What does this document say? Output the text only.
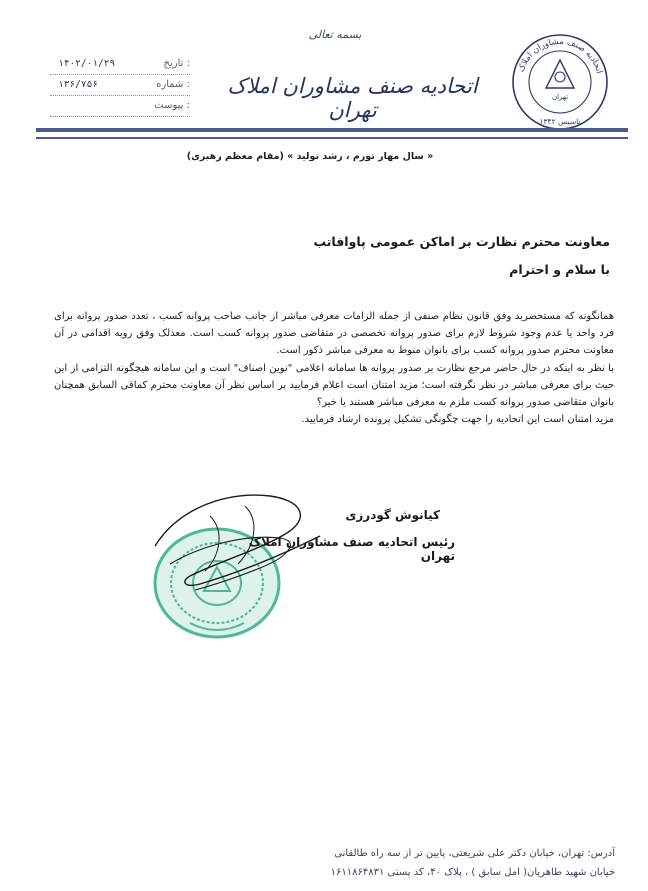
اتحادیه صنف مشاوران املاک
تهران
تاسیس ۱۳۴۲
بسمه تعالی
اتحادیه صنف مشاوران املاک تهران
تاریخ :
۱۴۰۲/۰۱/۲۹
شماره :
۱۳۶/۷۵۶
پیوست :
« سال مهار تورم ، رشد تولید » (مقام معظم رهبری)
معاونت محترم نظارت بر اماکن عمومی پاوافاتب
با سلام و احترام

همانگونه که مستحضرید وفق قانون نظام صنفی از جمله الزامات معرفی مباشر از جانب صاحب پروانه کسب ، تعدد صدور پروانه برای فرد واحد یا عدم وجود شروط لازم برای صدور پروانه تخصصی در متقاضی صدور پروانه کسب است. معذلک وفق رویه اقدامی در آن معاونت محترم صدور پروانه کسب برای بانوان منوط به معرفی مباشر ذکور است.

با نظر به اینکه در حال حاضر مرجع نظارت بر صدور پروانه ها سامانه اعلامی "نوین اصناف" است و این سامانه هیچگونه التزامی از این حیث برای معرفی مباشر در نظر نگرفته است؛ مزید امتنان است اعلام فرمایید بر اساس نظر آن معاونت محترم کماقی السابق همچنان بانوان متقاضی صدور پروانه کسب ملزم به معرفی مباشر هستند یا خیر؟

مزید امتنان است این اتحادیه را جهت چگونگی تشکیل پرونده ارشاد فرمایید.

کیانوش گودرزی
رئیس اتحادیه صنف مشاوران املاک تهران
آدرس: تهران، خیابان دکتر علی شریعتی، پایین تر از سه راه طالقانی
خیابان شهید طاهریان( امل سابق ) ، پلاک ۴۰، کد پستی ۱۶۱۱۸۶۴۸۳۱
